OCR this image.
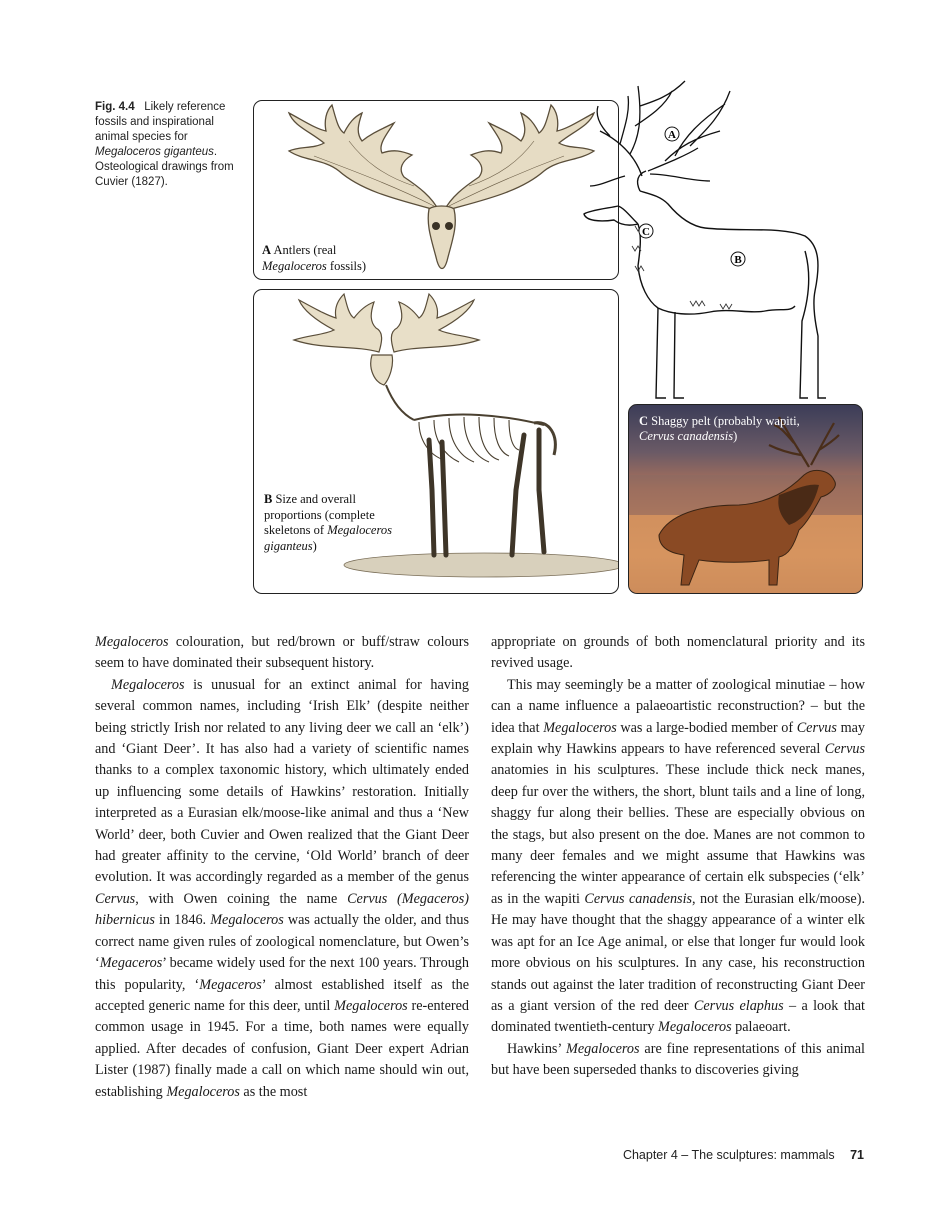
Fig. 4.4 Likely reference fossils and inspirational animal species for Megaloceros giganteus. Osteological drawings from Cuvier (1827).
A Antlers (real
Megaloceros fossils)
B Size and overall proportions (complete skeletons of Megaloceros giganteus)
A
B
C
C Shaggy pelt (probably wapiti,
Cervus canadensis)

Megaloceros colouration, but red/brown or buff/straw colours seem to have dominated their subsequent history.

Megaloceros is unusual for an extinct animal for having several common names, including ‘Irish Elk’ (despite neither being strictly Irish nor related to any living deer we call an ‘elk’) and ‘Giant Deer’. It has also had a variety of scientific names thanks to a complex taxonomic history, which ultimately ended up influencing some details of Hawkins’ restoration. Initially interpreted as a Eurasian elk/moose-like animal and thus a ‘New World’ deer, both Cuvier and Owen realized that the Giant Deer had greater affinity to the cervine, ‘Old World’ branch of deer evolution. It was accordingly regarded as a member of the genus Cervus, with Owen coining the name Cervus (Megaceros) hibernicus in 1846. Megaloceros was actually the older, and thus correct name given rules of zoological nomenclature, but Owen’s ‘Megaceros’ became widely used for the next 100 years. Through this popularity, ‘Megaceros’ almost established itself as the accepted generic name for this deer, until Megaloceros re-entered common usage in 1945. For a time, both names were equally applied. After decades of confusion, Giant Deer expert Adrian Lister (1987) finally made a call on which name should win out, establishing Megaloceros as the most

appropriate on grounds of both nomenclatural priority and its revived usage.

This may seemingly be a matter of zoological minutiae – how can a name influence a palaeoartistic reconstruction? – but the idea that Megaloceros was a large-bodied member of Cervus may explain why Hawkins appears to have referenced several Cervus anatomies in his sculptures. These include thick neck manes, deep fur over the withers, the short, blunt tails and a line of long, shaggy fur along their bellies. These are especially obvious on the stags, but also present on the doe. Manes are not common to many deer females and we might assume that Hawkins was referencing the winter appearance of certain elk subspecies (‘elk’ as in the wapiti Cervus canadensis, not the Eurasian elk/moose). He may have thought that the shaggy appearance of a winter elk was apt for an Ice Age animal, or else that longer fur would look more obvious on his sculptures. In any case, his reconstruction stands out against the later tradition of reconstructing Giant Deer as a giant version of the red deer Cervus elaphus – a look that dominated twentieth-century Megaloceros palaeoart.

Hawkins’ Megaloceros are fine representations of this animal but have been superseded thanks to discoveries giving

Chapter 4 – The sculptures: mammals 71
